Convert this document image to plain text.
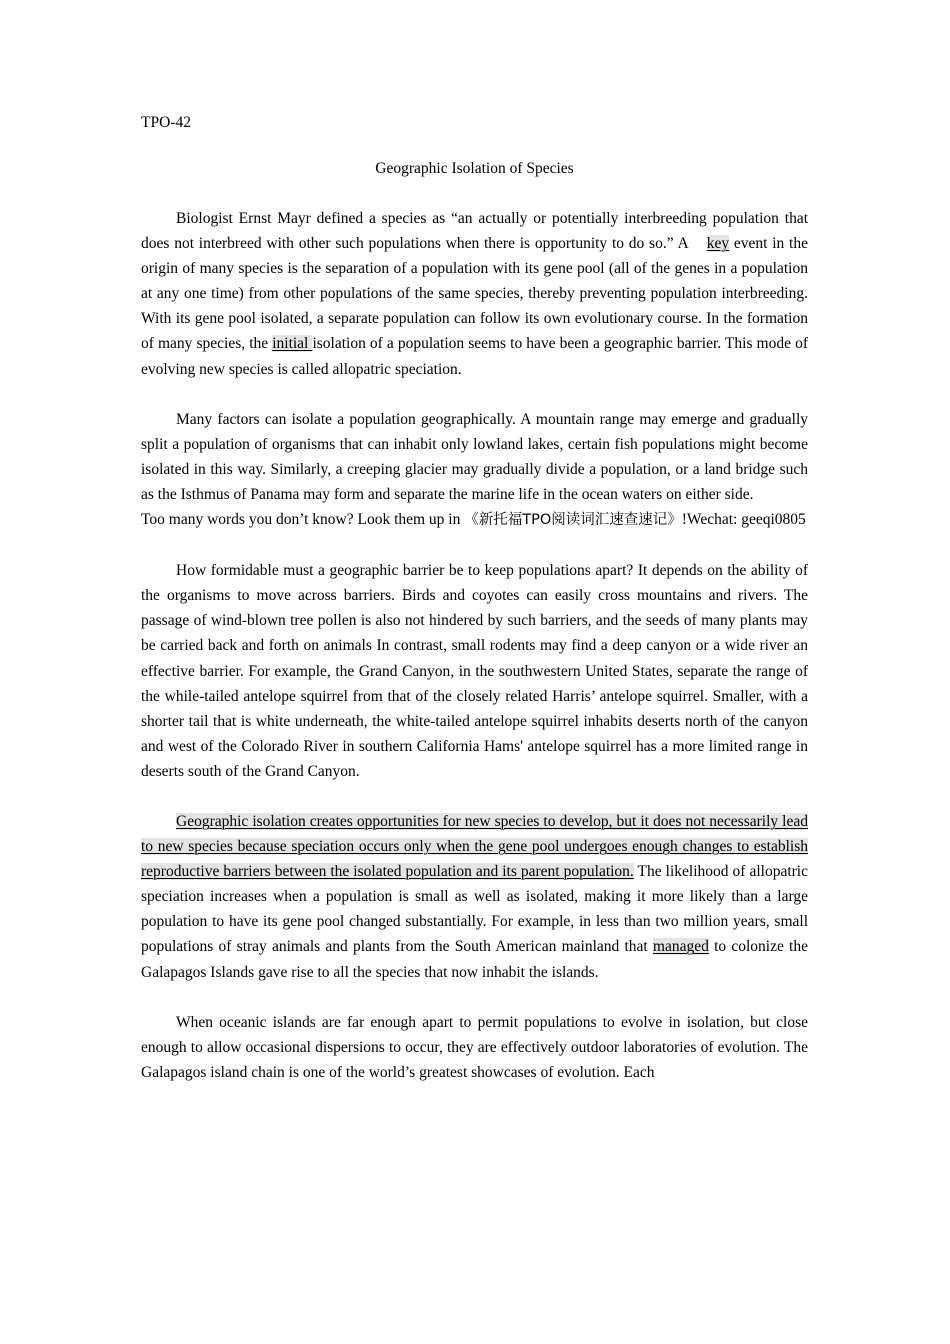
TPO-42
Geographic Isolation of Species

Biologist Ernst Mayr defined a species as “an actually or potentially interbreeding population that does not interbreed with other such populations when there is opportunity to do so.” A key event in the origin of many species is the separation of a population with its gene pool (all of the genes in a population at any one time) from other populations of the same species, thereby preventing population interbreeding. With its gene pool isolated, a separate population can follow its own evolutionary course. In the formation of many species, the initial isolation of a population seems to have been a geographic barrier. This mode of evolving new species is called allopatric speciation.

Many factors can isolate a population geographically. A mountain range may emerge and gradually split a population of organisms that can inhabit only lowland lakes, certain fish populations might become isolated in this way. Similarly, a creeping glacier may gradually divide a population, or a land bridge such as the Isthmus of Panama may form and separate the marine life in the ocean waters on either side.

Too many words you don’t know? Look them up in 《新托福TPO阅读词汇速查速记》!Wechat: geeqi0805

How formidable must a geographic barrier be to keep populations apart? It depends on the ability of the organisms to move across barriers. Birds and coyotes can easily cross mountains and rivers. The passage of wind-blown tree pollen is also not hindered by such barriers, and the seeds of many plants may be carried back and forth on animals In contrast, small rodents may find a deep canyon or a wide river an effective barrier. For example, the Grand Canyon, in the southwestern United States, separate the range of the while-tailed antelope squirrel from that of the closely related Harris’ antelope squirrel. Smaller, with a shorter tail that is white underneath, the white-tailed antelope squirrel inhabits deserts north of the canyon and west of the Colorado River in southern California Hams' antelope squirrel has a more limited range in deserts south of the Grand Canyon.

Geographic isolation creates opportunities for new species to develop, but it does not necessarily lead to new species because speciation occurs only when the gene pool undergoes enough changes to establish reproductive barriers between the isolated population and its parent population. The likelihood of allopatric speciation increases when a population is small as well as isolated, making it more likely than a large population to have its gene pool changed substantially. For example, in less than two million years, small populations of stray animals and plants from the South American mainland that managed to colonize the Galapagos Islands gave rise to all the species that now inhabit the islands.

When oceanic islands are far enough apart to permit populations to evolve in isolation, but close enough to allow occasional dispersions to occur, they are effectively outdoor laboratories of evolution. The Galapagos island chain is one of the world’s greatest showcases of evolution. Each
